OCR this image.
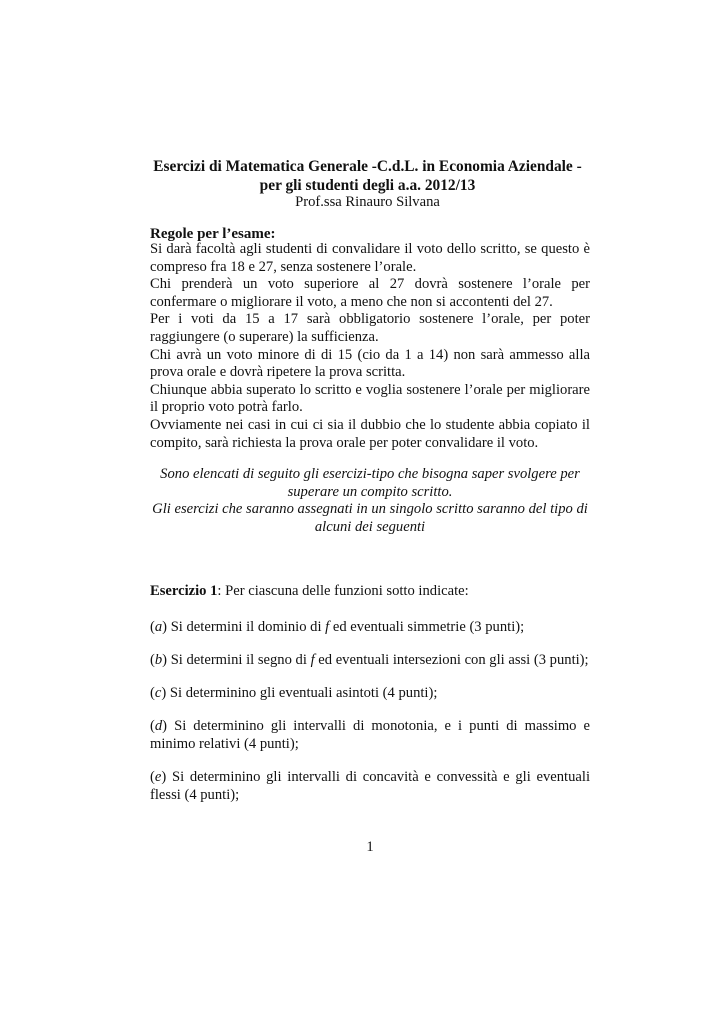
Esercizi di Matematica Generale -C.d.L. in Economia Aziendale -
per gli studenti degli a.a. 2012/13
Prof.ssa Rinauro Silvana
Regole per l’esame:

Si darà facoltà agli studenti di convalidare il voto dello scritto, se questo è compreso fra 18 e 27, senza sostenere l’orale.

Chi prenderà un voto superiore al 27 dovrà sostenere l’orale per confermare o migliorare il voto, a meno che non si accontenti del 27.

Per i voti da 15 a 17 sarà obbligatorio sostenere l’orale, per poter raggiungere (o superare) la sufficienza.

Chi avrà un voto minore di di 15 (cio da 1 a 14) non sarà ammesso alla prova orale e dovrà ripetere la prova scritta.

Chiunque abbia superato lo scritto e voglia sostenere l’orale per migliorare il proprio voto potrà farlo.

Ovviamente nei casi in cui ci sia il dubbio che lo studente abbia copiato il compito, sarà richiesta la prova orale per poter convalidare il voto.

Sono elencati di seguito gli esercizi-tipo che bisogna saper svolgere per superare un compito scritto.

Gli esercizi che saranno assegnati in un singolo scritto saranno del tipo di alcuni dei seguenti

Esercizio 1: Per ciascuna delle funzioni sotto indicate:
(a) Si determini il dominio di f ed eventuali simmetrie (3 punti);
(b) Si determini il segno di f ed eventuali intersezioni con gli assi (3 punti);
(c) Si determinino gli eventuali asintoti (4 punti);
(d) Si determinino gli intervalli di monotonia, e i punti di massimo e minimo relativi (4 punti);
(e) Si determinino gli intervalli di concavità e convessità e gli eventuali flessi (4 punti);
1
